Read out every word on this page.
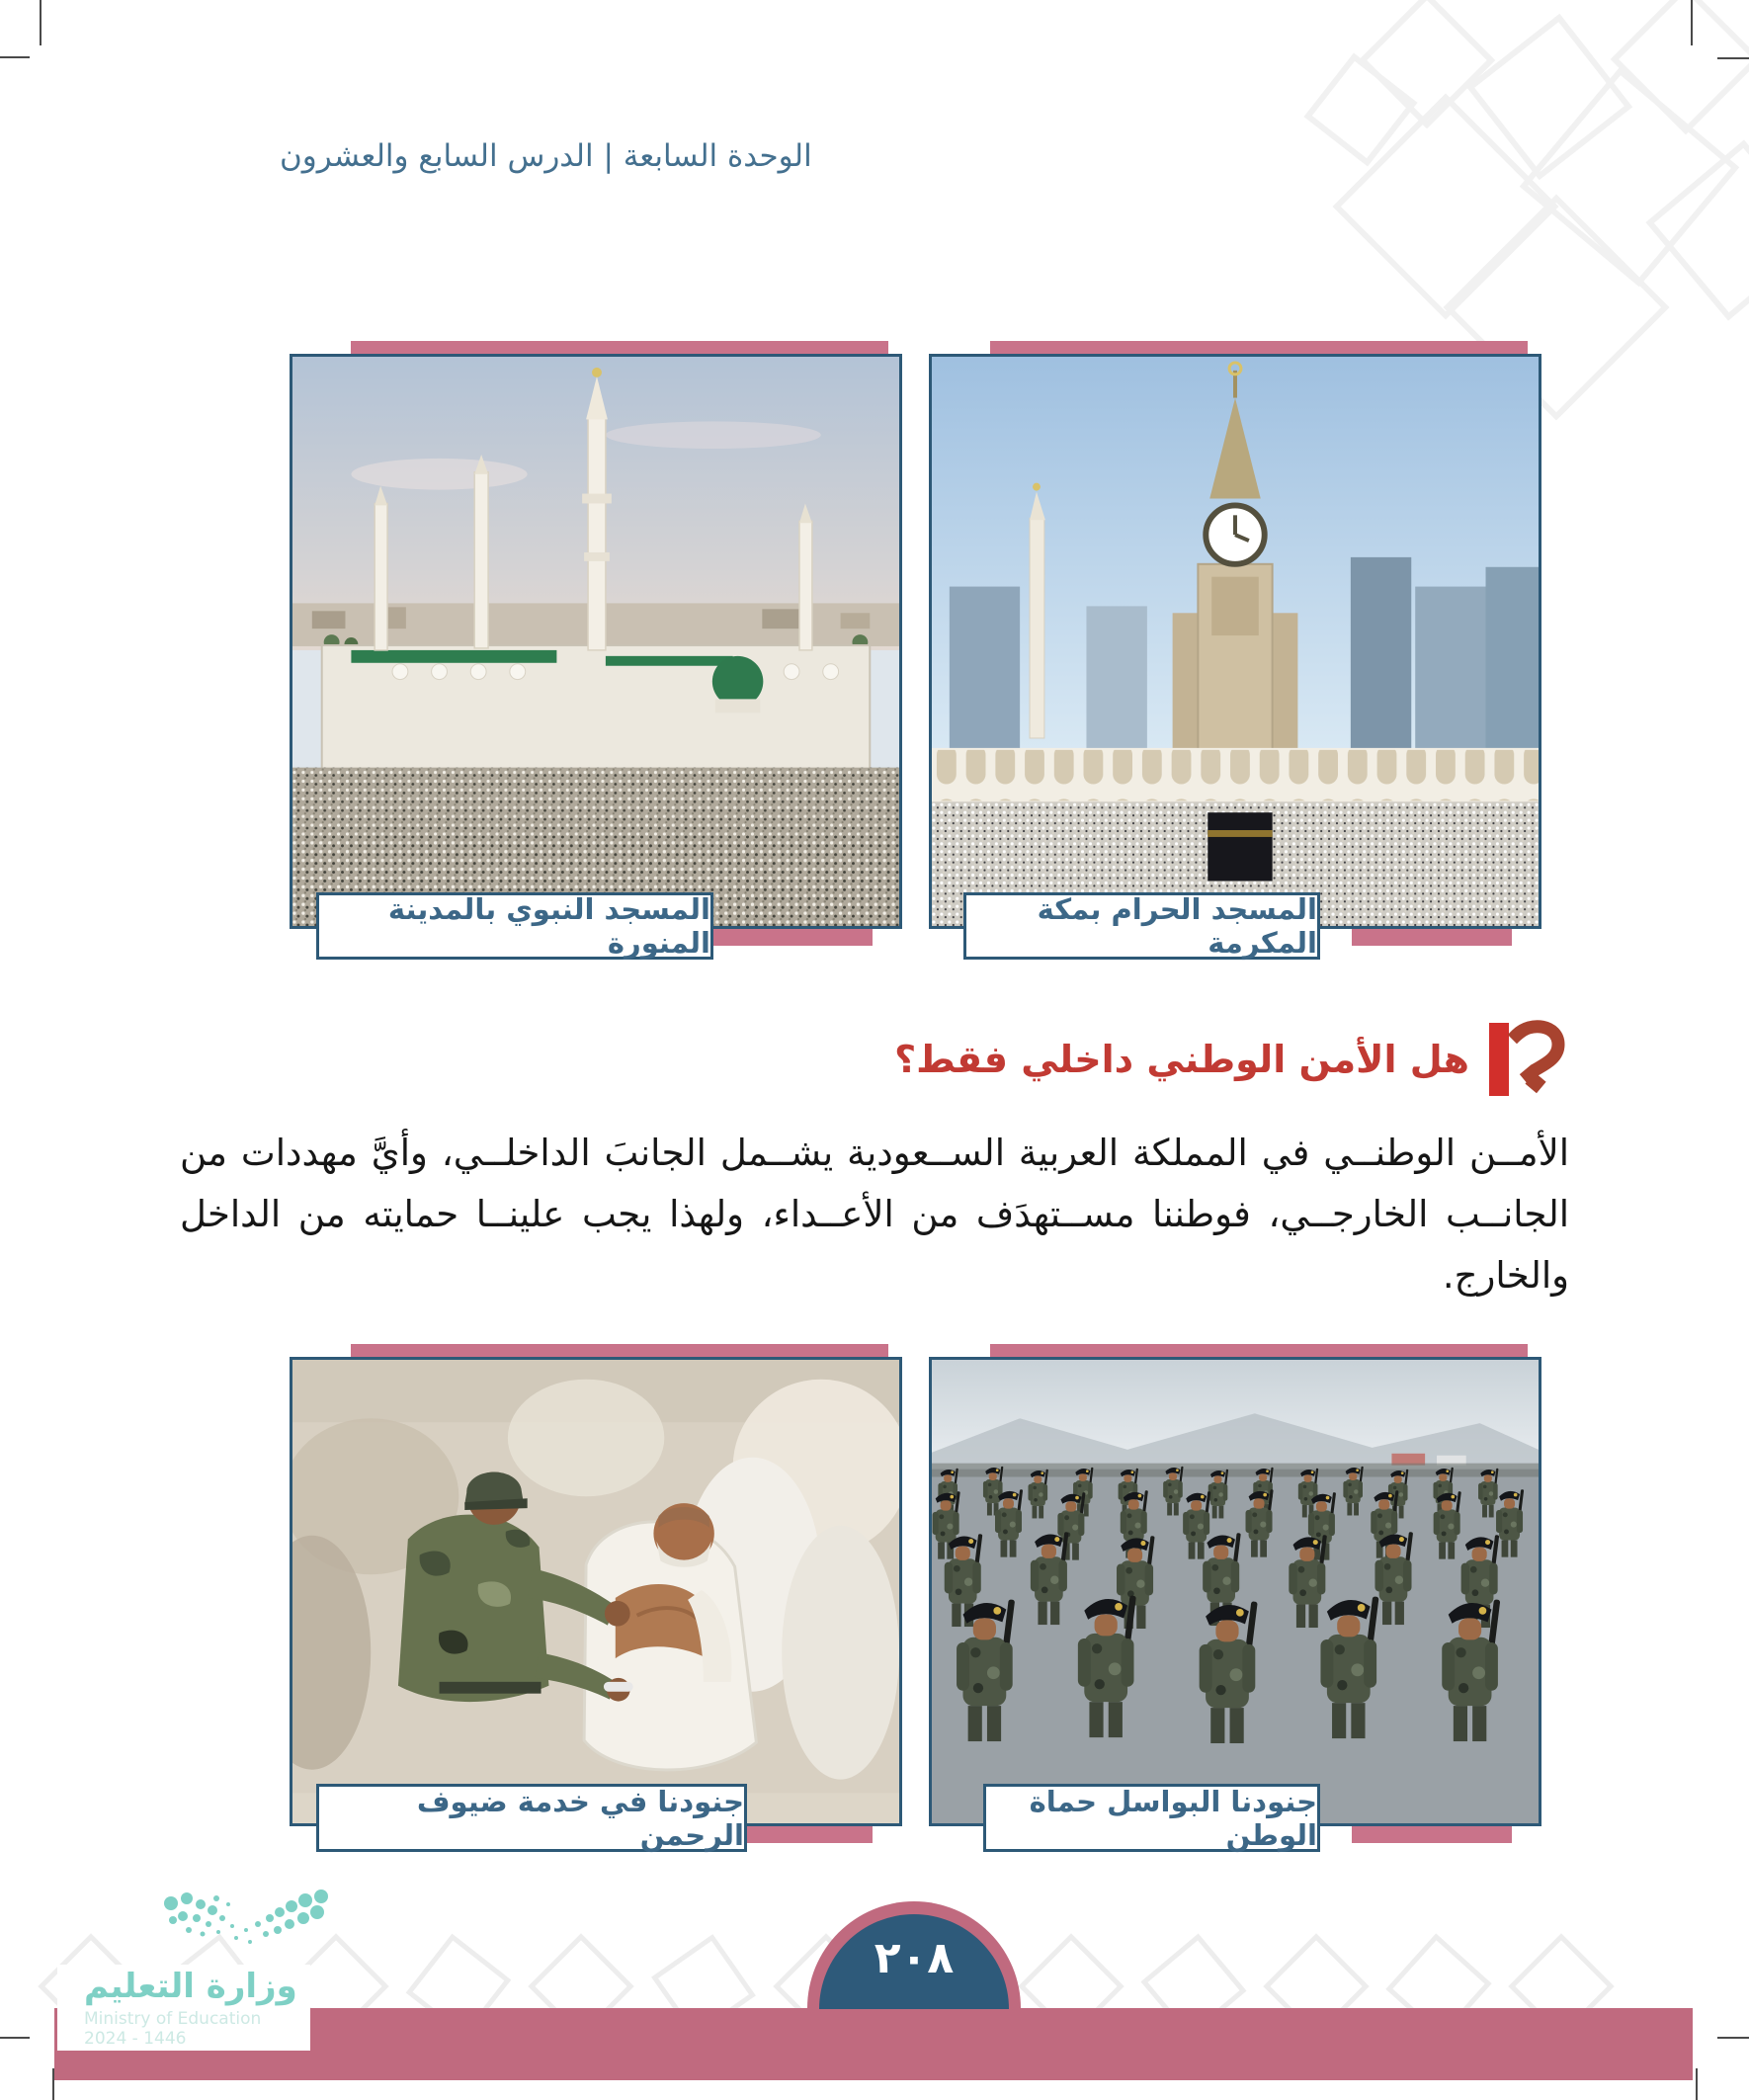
الوحدة السابعة | الدرس السابع والعشرون
المسجد النبوي بالمدينة المنورة
المسجد الحرام بمكة المكرمة
هل الأمن الوطني داخلي فقط؟
الأمــن الوطنــي في المملكة العربية الســعودية يشــمل الجانبَ الداخلــي، وأيَّ مهددات من الجانــب الخارجــي، فوطننا مســتهدَف من الأعــداء، ولهذا يجب علينــا حمايته من الداخل والخارج.
جنودنا في خدمة ضيوف الرحمن
جنودنا البواسل حماة الوطن
٢٠٨
وزارة التعليم
Ministry of Education
2024 - 1446
